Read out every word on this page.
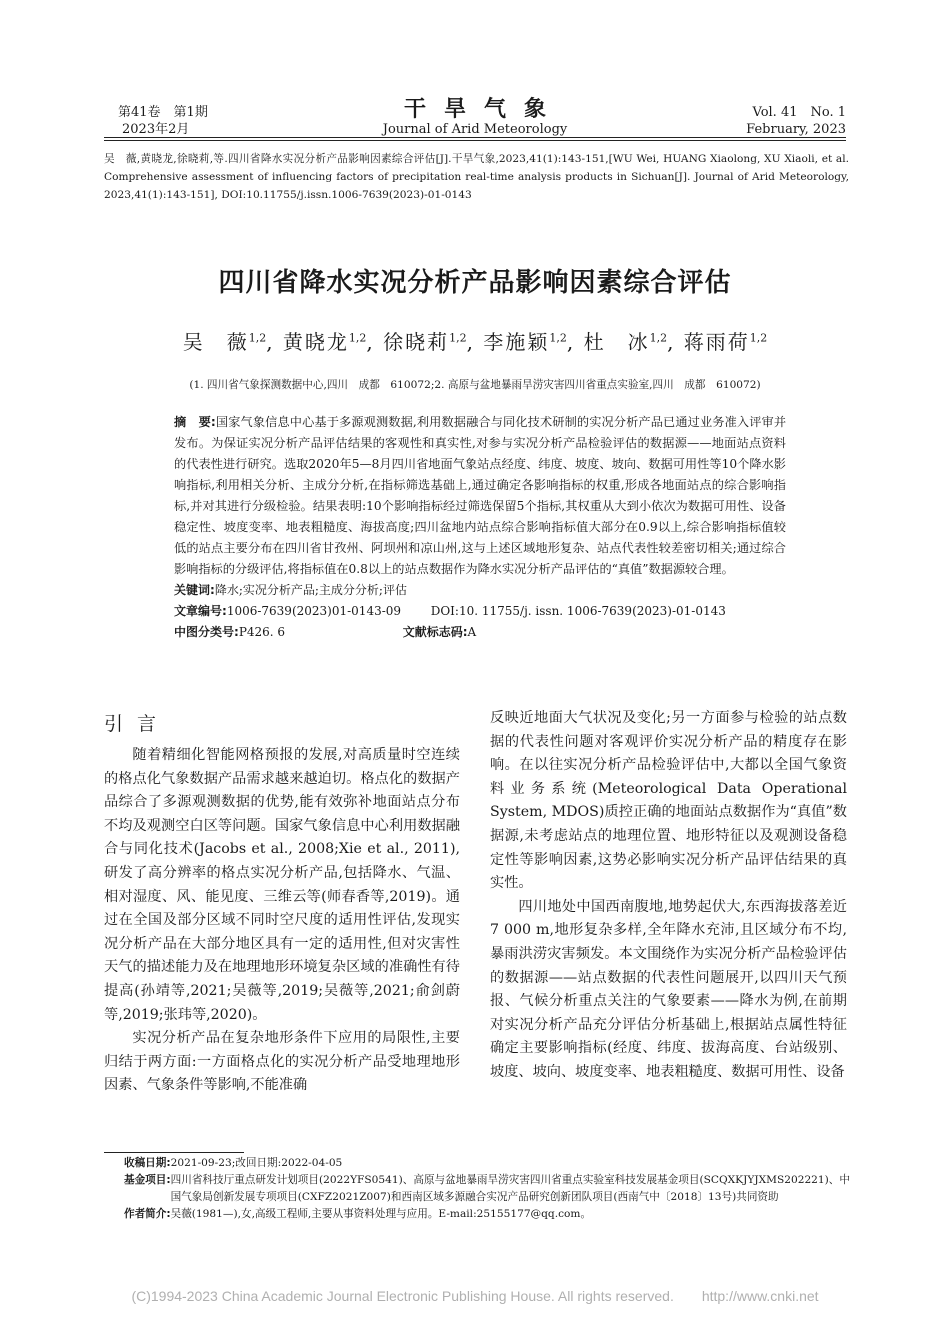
第41卷　第1期
2023年2月
干旱气象
Journal of Arid Meteorology
Vol. 41　No. 1
February, 2023
吴　薇,黄晓龙,徐晓莉,等.四川省降水实况分析产品影响因素综合评估[J].干旱气象,2023,41(1):143-151,[WU Wei, HUANG Xiaolong, XU Xiaoli, et al. Comprehensive assessment of influencing factors of precipitation real-time analysis products in Sichuan[J]. Journal of Arid Meteorology, 2023,41(1):143-151], DOI:10.11755/j.issn.1006-7639(2023)-01-0143
四川省降水实况分析产品影响因素综合评估
吴　薇$^{1,2}$, 黄晓龙$^{1,2}$, 徐晓莉$^{1,2}$, 李施颖$^{1,2}$, 杜　冰$^{1,2}$, 蒋雨荷$^{1,2}$
(1. 四川省气象探测数据中心,四川　成都　610072;2. 高原与盆地暴雨旱涝灾害四川省重点实验室,四川　成都　610072)
摘　要:国家气象信息中心基于多源观测数据,利用数据融合与同化技术研制的实况分析产品已通过业务准入评审并发布。为保证实况分析产品评估结果的客观性和真实性,对参与实况分析产品检验评估的数据源——地面站点资料的代表性进行研究。选取2020年5—8月四川省地面气象站点经度、纬度、坡度、坡向、数据可用性等10个降水影响指标,利用相关分析、主成分分析,在指标筛选基础上,通过确定各影响指标的权重,形成各地面站点的综合影响指标,并对其进行分级检验。结果表明:10个影响指标经过筛选保留5个指标,其权重从大到小依次为数据可用性、设备稳定性、坡度变率、地表粗糙度、海拔高度;四川盆地内站点综合影响指标值大部分在0.9以上,综合影响指标值较低的站点主要分布在四川省甘孜州、阿坝州和凉山州,这与上述区域地形复杂、站点代表性较差密切相关;通过综合影响指标的分级评估,将指标值在0.8以上的站点数据作为降水实况分析产品评估的“真值”数据源较合理。
关键词:降水;实况分析产品;主成分分析;评估
文章编号:1006-7639(2023)01-0143-09 DOI:10. 11755/j. issn. 1006-7639(2023)-01-0143
中图分类号:P426. 6	文献标志码:A
引言

随着精细化智能网格预报的发展,对高质量时空连续的格点化气象数据产品需求越来越迫切。格点化的数据产品综合了多源观测数据的优势,能有效弥补地面站点分布不均及观测空白区等问题。国家气象信息中心利用数据融合与同化技术(Jacobs et al., 2008;Xie et al., 2011),研发了高分辨率的格点实况分析产品,包括降水、气温、相对湿度、风、能见度、三维云等(师春香等,2019)。通过在全国及部分区域不同时空尺度的适用性评估,发现实况分析产品在大部分地区具有一定的适用性,但对灾害性天气的描述能力及在地理地形环境复杂区域的准确性有待提高(孙靖等,2021;吴薇等,2019;吴薇等,2021;俞剑蔚等,2019;张玮等,2020)。

实况分析产品在复杂地形条件下应用的局限性,主要归结于两方面:一方面格点化的实况分析产品受地理地形因素、气象条件等影响,不能准确

反映近地面大气状况及变化;另一方面参与检验的站点数据的代表性问题对客观评价实况分析产品的精度存在影响。在以往实况分析产品检验评估中,大都以全国气象资料业务系统(Meteorological Data Operational System, MDOS)质控正确的地面站点数据作为“真值”数据源,未考虑站点的地理位置、地形特征以及观测设备稳定性等影响因素,这势必影响实况分析产品评估结果的真实性。

四川地处中国西南腹地,地势起伏大,东西海拔落差近7 000 m,地形复杂多样,全年降水充沛,且区域分布不均,暴雨洪涝灾害频发。本文围绕作为实况分析产品检验评估的数据源——站点数据的代表性问题展开,以四川天气预报、气候分析重点关注的气象要素——降水为例,在前期对实况分析产品充分评估分析基础上,根据站点属性特征确定主要影响指标(经度、纬度、拔海高度、台站级别、坡度、坡向、坡度变率、地表粗糙度、数据可用性、设备

收稿日期: 2021-09-23;改回日期:2022-04-05
基金项目: 四川省科技厅重点研发计划项目(2022YFS0541)、高原与盆地暴雨旱涝灾害四川省重点实验室科技发展基金项目(SCQXKJYJXMS202221)、中国气象局创新发展专项项目(CXFZ2021Z007)和西南区域多源融合实况产品研究创新团队项目(西南气中〔2018〕13号)共同资助
作者简介: 吴薇(1981—),女,高级工程师,主要从事资料处理与应用。E-mail:25155177@qq.com。
(C)1994-2023 China Academic Journal Electronic Publishing House. All rights reserved.　　http://www.cnki.net
